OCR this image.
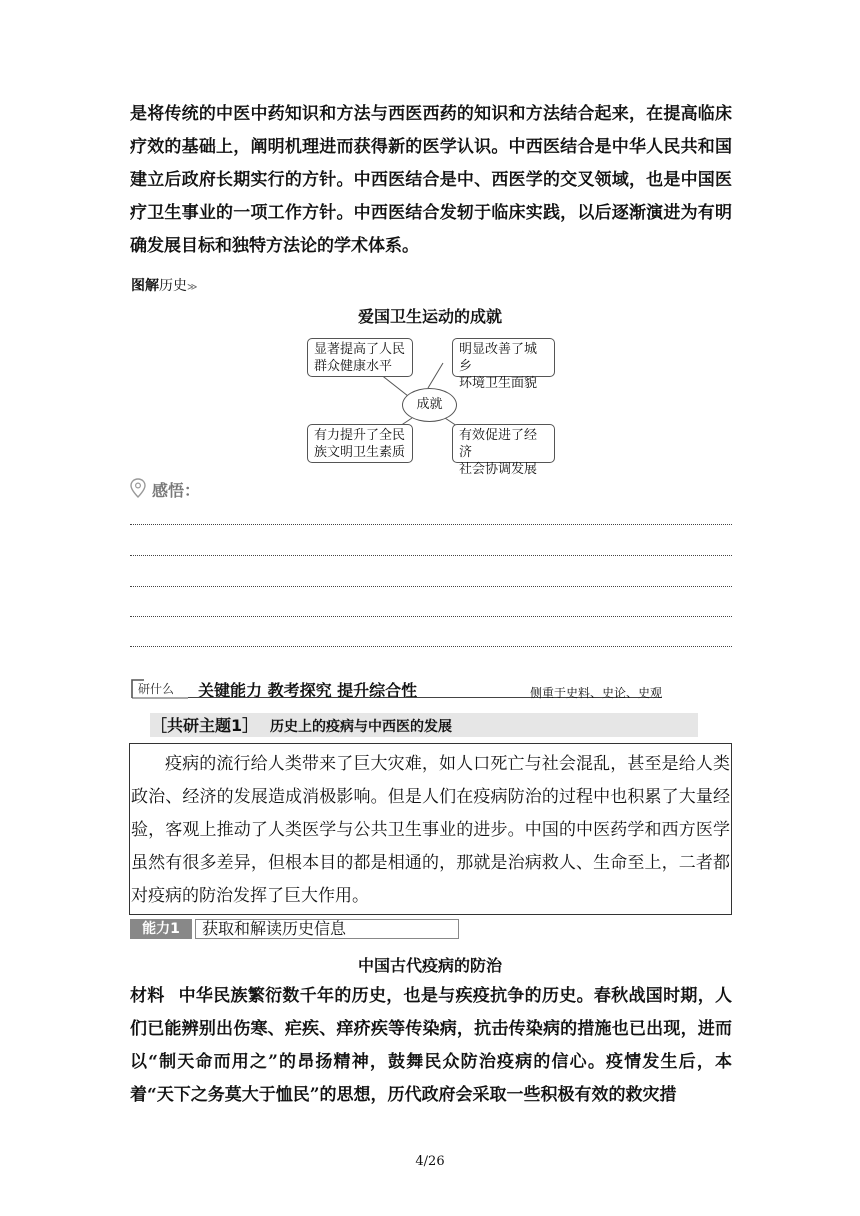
是将传统的中医中药知识和方法与西医西药的知识和方法结合起来，在提高临床疗效的基础上，阐明机理进而获得新的医学认识。中西医结合是中华人民共和国建立后政府长期实行的方针。中西医结合是中、西医学的交叉领域，也是中国医疗卫生事业的一项工作方针。中西医结合发轫于临床实践，以后逐渐演进为有明确发展目标和独特方法论的学术体系。

图解历史≫
爱国卫生运动的成就
显著提高了人民
群众健康水平
明显改善了城乡
环境卫生面貌
成就
有力提升了全民
族文明卫生素质
有效促进了经济
社会协调发展
感悟：
研什么 关键能力 教考探究 提升综合性	侧重于史料、史论、史观
［共研主题1］ 历史上的疫病与中西医的发展

疫病的流行给人类带来了巨大灾难，如人口死亡与社会混乱，甚至是给人类政治、经济的发展造成消极影响。但是人们在疫病防治的过程中也积累了大量经验，客观上推动了人类医学与公共卫生事业的进步。中国的中医药学和西方医学虽然有很多差异，但根本目的都是相通的，那就是治病救人、生命至上，二者都对疫病的防治发挥了巨大作用。

能力1	获取和解读历史信息
中国古代疫病的防治

材料 中华民族繁衍数千年的历史，也是与疾疫抗争的历史。春秋战国时期，人们已能辨别出伤寒、疟疾、痒疥疾等传染病，抗击传染病的措施也已出现，进而以“制天命而用之”的昂扬精神，鼓舞民众防治疫病的信心。疫情发生后，本着“天下之务莫大于恤民”的思想，历代政府会采取一些积极有效的救灾措

4/26
